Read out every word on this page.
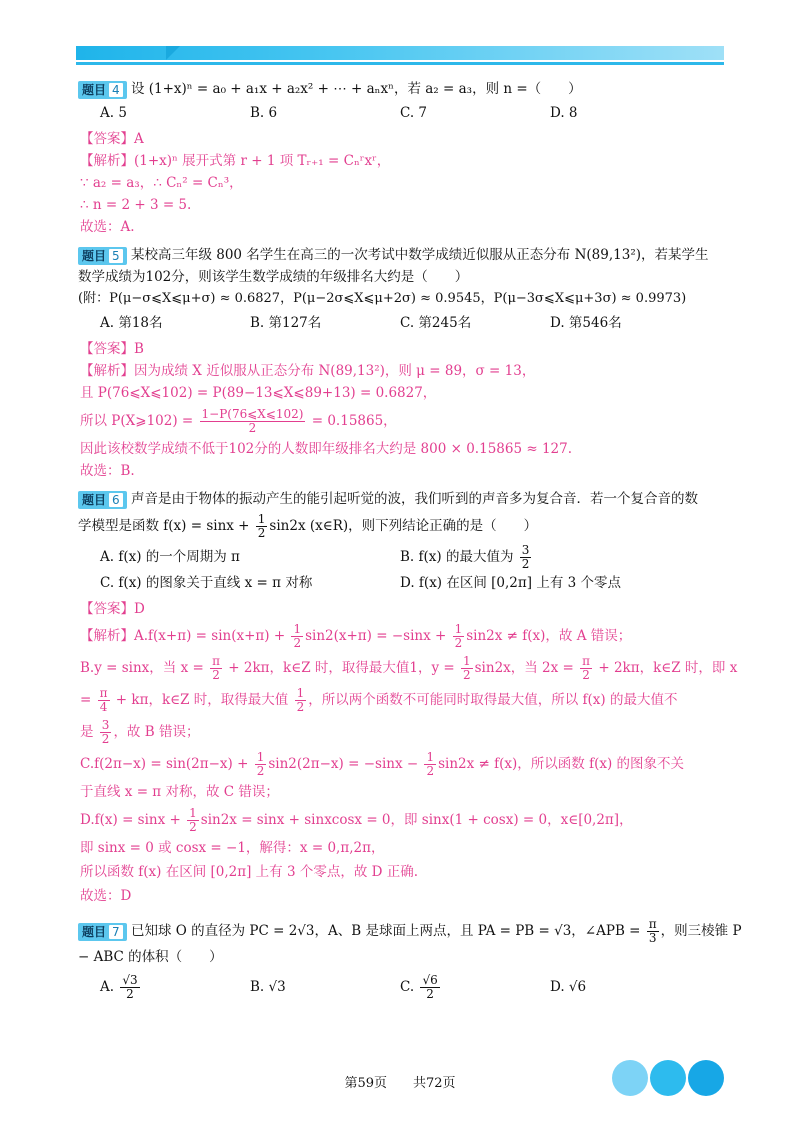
题目 4 设 (1+x)ⁿ = a₀ + a₁x + a₂x² + ⋯ + aₙxⁿ，若 a₂ = a₃，则 n =（　　）
A. 5	B. 6	C. 7	D. 8
【答案】A
【解析】(1+x)ⁿ 展开式第 r + 1 项 Tᵣ₊₁ = Cₙʳxʳ，
∵ a₂ = a₃，∴ Cₙ² = Cₙ³，
∴ n = 2 + 3 = 5.
故选：A.
题目 5 某校高三年级 800 名学生在高三的一次考试中数学成绩近似服从正态分布 N(89,13²)，若某学生
数学成绩为102分，则该学生数学成绩的年级排名大约是（　　）
(附：P(μ−σ⩽X⩽μ+σ) ≈ 0.6827，P(μ−2σ⩽X⩽μ+2σ) ≈ 0.9545，P(μ−3σ⩽X⩽μ+3σ) ≈ 0.9973)
A. 第18名	B. 第127名	C. 第245名	D. 第546名
【答案】B
【解析】因为成绩 X 近似服从正态分布 N(89,13²)，则 μ = 89，σ = 13，
且 P(76⩽X⩽102) = P(89−13⩽X⩽89+13) = 0.6827，
所以 P(X⩾102) = $\frac{1-P(76⩽X⩽102)}{2} = 0.15865$，
因此该校数学成绩不低于102分的人数即年级排名大约是 800 × 0.15865 ≈ 127.
故选：B.
题目 6 声音是由于物体的振动产生的能引起听觉的波，我们听到的声音多为复合音．若一个复合音的数
学模型是函数 $f(x) = \sin x + \frac{1}{2} \sin 2x$ (x∈R)，则下列结论正确的是（　　）
A. f(x) 的一个周期为 π	B. f(x) 的最大值为 $\frac{3}{2}$
C. f(x) 的图象关于直线 x = π 对称	D. f(x) 在区间 [0,2π] 上有 3 个零点
【答案】D
【解析】$A.f(x+\pi) = \sin(x+\pi) + \frac{1}{2} \sin 2(x+\pi) = -\sin x + \frac{1}{2} \sin 2x \ne f(x)$，故 A 错误；
B.y = sinx，当 $x = \frac{\pi}{2} + 2k\pi$，k∈Z 时，取得最大值1，$y = \frac{1}{2} \sin 2x$，当 $2x = \frac{\pi}{2} + 2k\pi$，k∈Z 时，即 x
= $\frac{\pi}{4} + k\pi$，k∈Z 时，取得最大值 $\frac{1}{2}$ ，所以两个函数不可能同时取得最大值，所以 f(x) 的最大值不
是 $\frac{3}{2}$ ，故 B 错误；
$C.f(2\pi-x) = \sin(2\pi-x) + \frac{1}{2} \sin 2(2\pi-x) = -\sin x - \frac{1}{2} \sin 2x \ne f(x)$，所以函数 f(x) 的图象不关
于直线 x = π 对称，故 C 错误；
$D.f(x) = \sin x + \frac{1}{2} \sin 2x = \sin x$ + sinxcosx = 0，即 sinx(1 + cosx) = 0，x∈[0,2π]，
即 sinx = 0 或 cosx = −1，解得：x = 0,π,2π，
所以函数 f(x) 在区间 [0,2π] 上有 3 个零点，故 D 正确.
故选：D
题目 7 已知球 O 的直径为 PC = 2√3，A、B 是球面上两点，且 PA = PB = √3，∠APB = $\frac{\pi}{3}$ ，则三棱锥 P
− ABC 的体积（　　）
A. $\frac{√3}{2}$	B. √3	C. $\frac{√6}{2}$	D. √6
第59页　　共72页
